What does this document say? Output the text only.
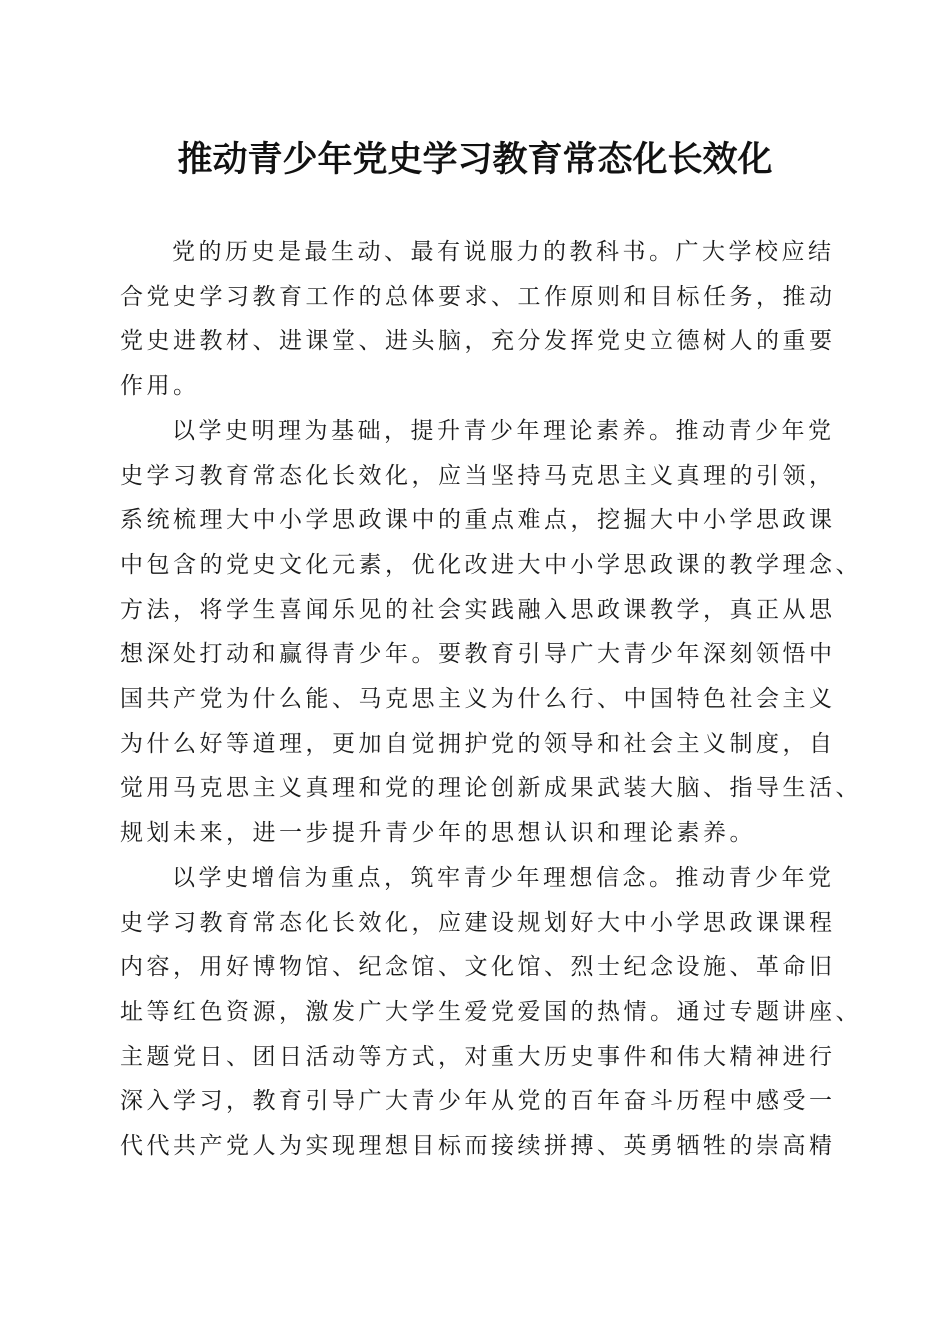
推动青少年党史学习教育常态化长效化
党的历史是最生动、最有说服力的教科书。广大学校应结
合党史学习教育工作的总体要求、工作原则和目标任务，推动
党史进教材、进课堂、进头脑，充分发挥党史立德树人的重要
作用。
以学史明理为基础，提升青少年理论素养。推动青少年党
史学习教育常态化长效化，应当坚持马克思主义真理的引领，
系统梳理大中小学思政课中的重点难点，挖掘大中小学思政课
中包含的党史文化元素，优化改进大中小学思政课的教学理念、
方法，将学生喜闻乐见的社会实践融入思政课教学，真正从思
想深处打动和赢得青少年。要教育引导广大青少年深刻领悟中
国共产党为什么能、马克思主义为什么行、中国特色社会主义
为什么好等道理，更加自觉拥护党的领导和社会主义制度，自
觉用马克思主义真理和党的理论创新成果武装大脑、指导生活、
规划未来，进一步提升青少年的思想认识和理论素养。
以学史增信为重点，筑牢青少年理想信念。推动青少年党
史学习教育常态化长效化，应建设规划好大中小学思政课课程
内容，用好博物馆、纪念馆、文化馆、烈士纪念设施、革命旧
址等红色资源，激发广大学生爱党爱国的热情。通过专题讲座、
主题党日、团日活动等方式，对重大历史事件和伟大精神进行
深入学习，教育引导广大青少年从党的百年奋斗历程中感受一
代代共产党人为实现理想目标而接续拼搏、英勇牺牲的崇高精
